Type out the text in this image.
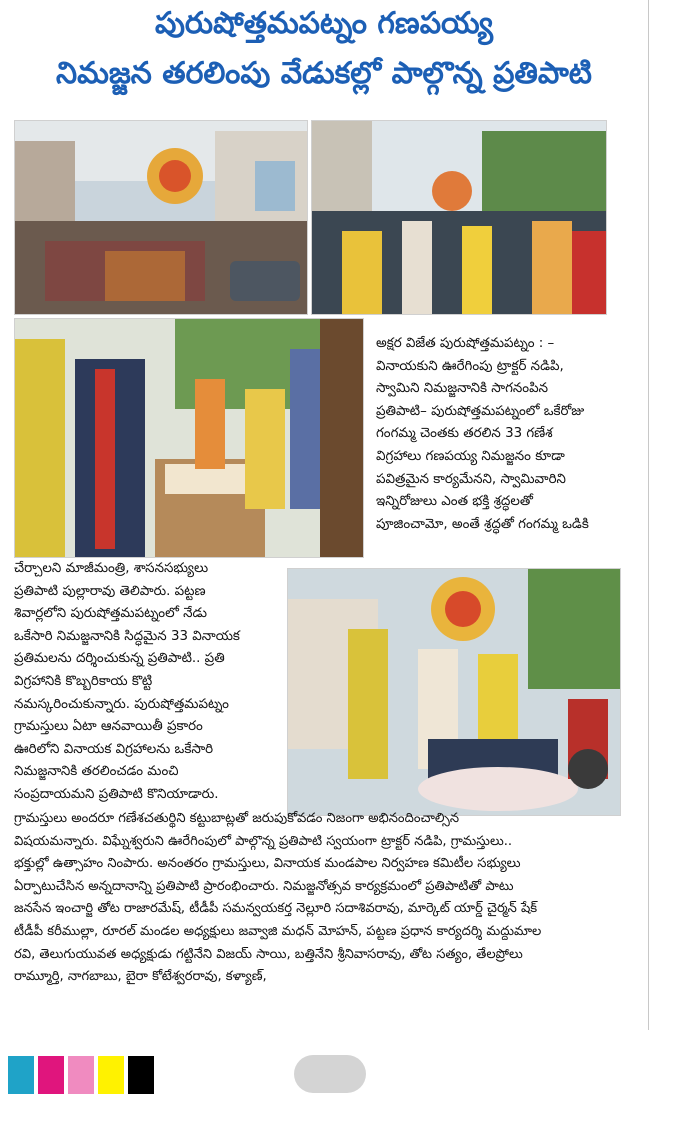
పురుషోత్తమపట్నం గణపయ్య
నిమజ్జన తరలింపు వేడుకల్లో పాల్గొన్న ప్రతిపాటి
అక్షర విజేత పురుషోత్తమపట్నం : –
వినాయకుని ఊరేగింపు ట్రాక్టర్ నడిపి,
స్వామిని నిమజ్జనానికి సాగనంపిన
ప్రతిపాటి– పురుషోత్తమపట్నంలో ఒకేరోజు
గంగమ్మ చెంతకు తరలిన 33 గణేశ
విగ్రహాలు గణపయ్య నిమజ్జనం కూడా
పవిత్రమైన కార్యమేనని, స్వామివారిని
ఇన్నిరోజులు ఎంత భక్తి శ్రద్ధలతో
పూజించామో, అంతే శ్రద్ధతో గంగమ్మ ఒడికి
చేర్చాలని మాజీమంత్రి, శాసనసభ్యులు
ప్రతిపాటి పుల్లారావు తెలిపారు. పట్టణ
శివార్లలోని పురుషోత్తమపట్నంలో నేడు
ఒకేసారి నిమజ్జనానికి సిద్ధమైన 33 వినాయక
ప్రతిమలను దర్శించుకున్న ప్రతిపాటి.. ప్రతి
విగ్రహానికి కొబ్బరికాయ కొట్టి
నమస్కరించుకున్నారు. పురుషోత్తమపట్నం
గ్రామస్తులు ఏటా ఆనవాయితీ ప్రకారం
ఊరిలోని వినాయక విగ్రహాలను ఒకేసారి
నిమజ్జనానికి తరలించడం మంచి
సంప్రదాయమని ప్రతిపాటి కొనియాడారు.
గ్రామస్తులు అందరూ గణేశచతుర్థిని కట్టుబాట్లతో జరుపుకోవడం నిజంగా అభినందించాల్సిన
విషయమన్నారు. విఘ్నేశ్వరుని ఊరేగింపులో పాల్గొన్న ప్రతిపాటి స్వయంగా ట్రాక్టర్ నడిపి, గ్రామస్తులు..
భక్తుల్లో ఉత్సాహం నింపారు. అనంతరం గ్రామస్తులు, వినాయక మండపాల నిర్వహణ కమిటీల సభ్యులు
ఏర్పాటుచేసిన అన్నదానాన్ని ప్రతిపాటి ప్రారంభించారు. నిమజ్జనోత్సవ కార్యక్రమంలో ప్రతిపాటితో పాటు
జనసేన ఇంచార్జి తోట రాజారమేష్, టీడీపీ సమన్వయకర్త నెల్లూరి సదాశివరావు, మార్కెట్ యార్డ్ చైర్మన్ షేక్
టీడీపీ కరీముల్లా, రూరల్ మండల అధ్యక్షులు జవ్వాజి మధన్ మోహన్, పట్టణ ప్రధాన కార్యదర్శి మద్దుమాల
రవి, తెలుగుయువత అధ్యక్షుడు గట్టినేని విజయ్ సాయి, బత్తినేని శ్రీనివాసరావు, తోట సత్యం, తేలప్రోలు
రామ్మూర్తి, నాగబాబు, బైరా కోటేశ్వరరావు, కళ్యాణ్,
